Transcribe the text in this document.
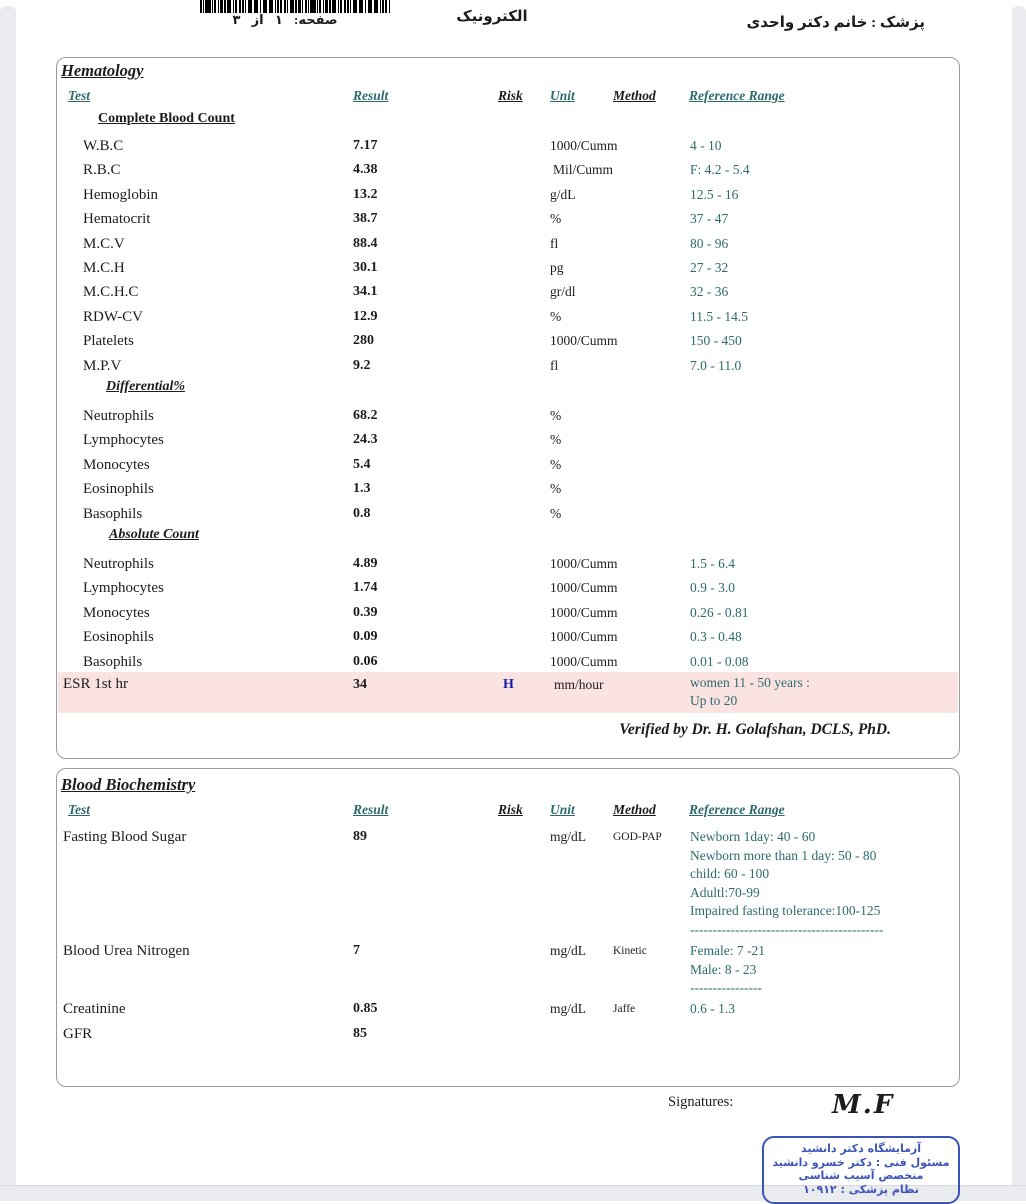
صفحه: ۱ از ۳	الکترونیک	پزشک : خانم دکتر واحدی
Hematology
Test	Result	Risk Unit	Method Reference Range
Complete Blood Count
W.B.C	7.17	1000/Cumm	4 - 10
R.B.C	4.38	Mil/Cumm	F: 4.2 - 5.4
Hemoglobin	13.2	g/dL	12.5 - 16
Hematocrit	38.7	%	37 - 47
M.C.V	88.4	fl	80 - 96
M.C.H	30.1	pg	27 - 32
M.C.H.C	34.1	gr/dl	32 - 36
RDW-CV	12.9	%	11.5 - 14.5
Platelets	280	1000/Cumm	150 - 450
M.P.V	9.2	fl	7.0 - 11.0
Differential%
Neutrophils	68.2	%
Lymphocytes	24.3	%
Monocytes	5.4	%
Eosinophils	1.3	%
Basophils	0.8	%
Absolute Count
Neutrophils	4.89	1000/Cumm	1.5 - 6.4
Lymphocytes	1.74	1000/Cumm	0.9 - 3.0
Monocytes	0.39	1000/Cumm	0.26 - 0.81
Eosinophils	0.09	1000/Cumm	0.3 - 0.48
Basophils	0.06	1000/Cumm	0.01 - 0.08
ESR 1st hr	34	H	mm/hour	women 11 - 50 years :
Up to 20
Verified by Dr. H. Golafshan, DCLS, PhD.
Blood Biochemistry
Test	Result	Risk Unit	Method Reference Range
Fasting Blood Sugar	89	mg/dL GOD-PAP Newborn 1day: 40 - 60
Newborn more than 1 day: 50 - 80
child: 60 - 100
Adultl:70-99
Impaired fasting tolerance:100-125
-------------------------------------------
Blood Urea Nitrogen	7	mg/dL Kinetic	Female: 7 -21
Male: 8 - 23
----------------
Creatinine	0.85	mg/dL Jaffe	0.6 - 1.3
GFR	85
Signatures:	M.F
آزمایشگاه دکتر دانشید
مسئول فنی : دکتر خسرو دانشید
متخصص آسیب شناسی
نظام پزشکی : ۱۰۹۱۲
